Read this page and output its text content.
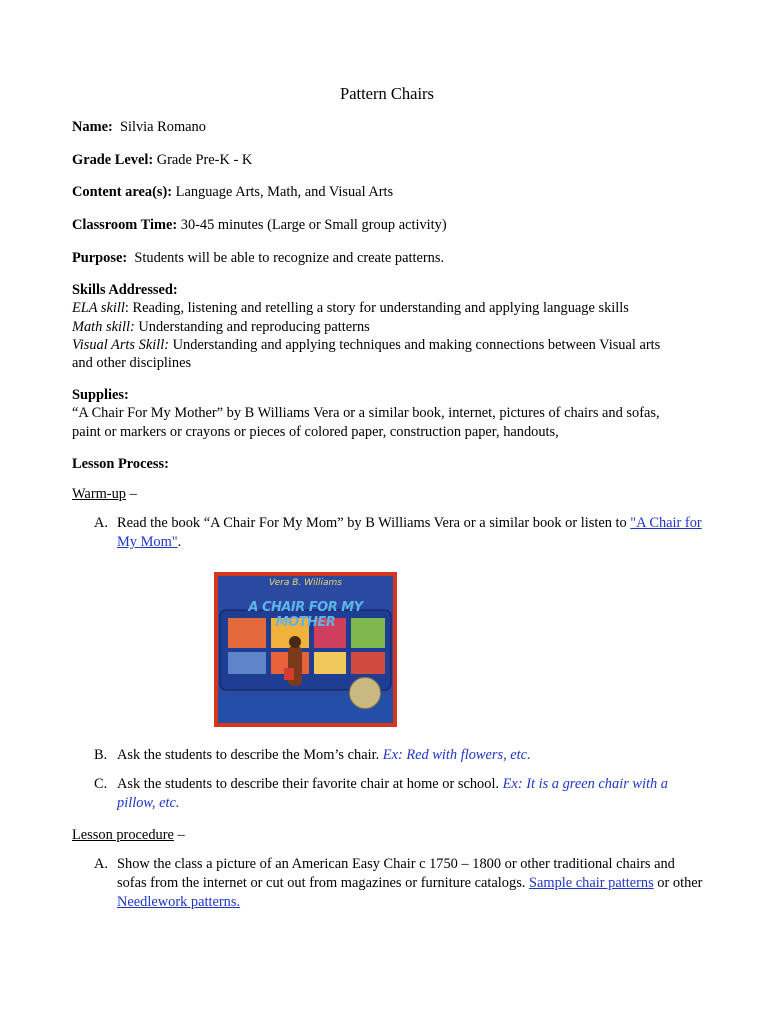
Pattern Chairs
Name: Silvia Romano
Grade Level: Grade Pre-K - K
Content area(s): Language Arts, Math, and Visual Arts
Classroom Time: 30-45 minutes (Large or Small group activity)
Purpose: Students will be able to recognize and create patterns.
Skills Addressed:
ELA skill: Reading, listening and retelling a story for understanding and applying language skills
Math skill: Understanding and reproducing patterns
Visual Arts Skill: Understanding and applying techniques and making connections between Visual arts
and other disciplines
Supplies:
“A Chair For My Mother” by B Williams Vera or a similar book, internet, pictures of chairs and sofas,
paint or markers or crayons or pieces of colored paper, construction paper, handouts,
Lesson Process:
Warm-up –
A. Read the book “A Chair For My Mom” by B Williams Vera or a similar book or listen to "A Chair for My Mom".
Vera B. Williams
A CHAIR FOR MY MOTHER
B. Ask the students to describe the Mom’s chair. Ex: Red with flowers, etc.
C. Ask the students to describe their favorite chair at home or school. Ex: It is a green chair with a pillow, etc.
Lesson procedure –
A. Show the class a picture of an American Easy Chair c 1750 – 1800 or other traditional chairs and sofas from the internet or cut out from magazines or furniture catalogs. Sample chair patterns or other Needlework patterns.
